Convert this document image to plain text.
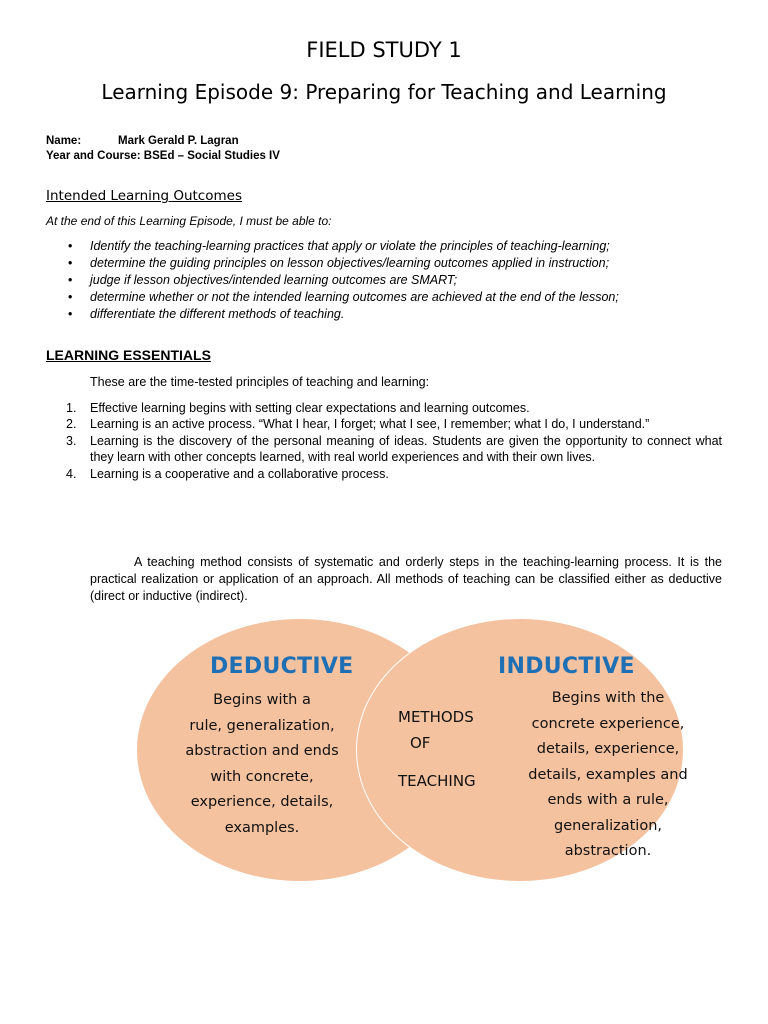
FIELD STUDY 1
Learning Episode 9: Preparing for Teaching and Learning
Name:	Mark Gerald P. Lagran
Year and Course: BSEd – Social Studies IV
Intended Learning Outcomes
At the end of this Learning Episode, I must be able to:
• Identify the teaching-learning practices that apply or violate the principles of teaching-learning;
• determine the guiding principles on lesson objectives/learning outcomes applied in instruction;
• judge if lesson objectives/intended learning outcomes are SMART;
• determine whether or not the intended learning outcomes are achieved at the end of the lesson;
• differentiate the different methods of teaching.
LEARNING ESSENTIALS
These are the time-tested principles of teaching and learning:
1. Effective learning begins with setting clear expectations and learning outcomes.
2. Learning is an active process. “What I hear, I forget; what I see, I remember; what I do, I understand.”
3. Learning is the discovery of the personal meaning of ideas. Students are given the opportunity to connect what they learn with other concepts learned, with real world experiences and with their own lives.
4. Learning is a cooperative and a collaborative process.

A teaching method consists of systematic and orderly steps in the teaching-learning process. It is the practical realization or application of an approach. All methods of teaching can be classified either as deductive (direct or inductive (indirect).

DEDUCTIVE
Begins with a
rule, generalization,
abstraction and ends
with concrete,
experience, details,
examples.
METHODS
OF
TEACHING
INDUCTIVE
Begins with the
concrete experience,
details, experience,
details, examples and
ends with a rule,
generalization,
abstraction.
